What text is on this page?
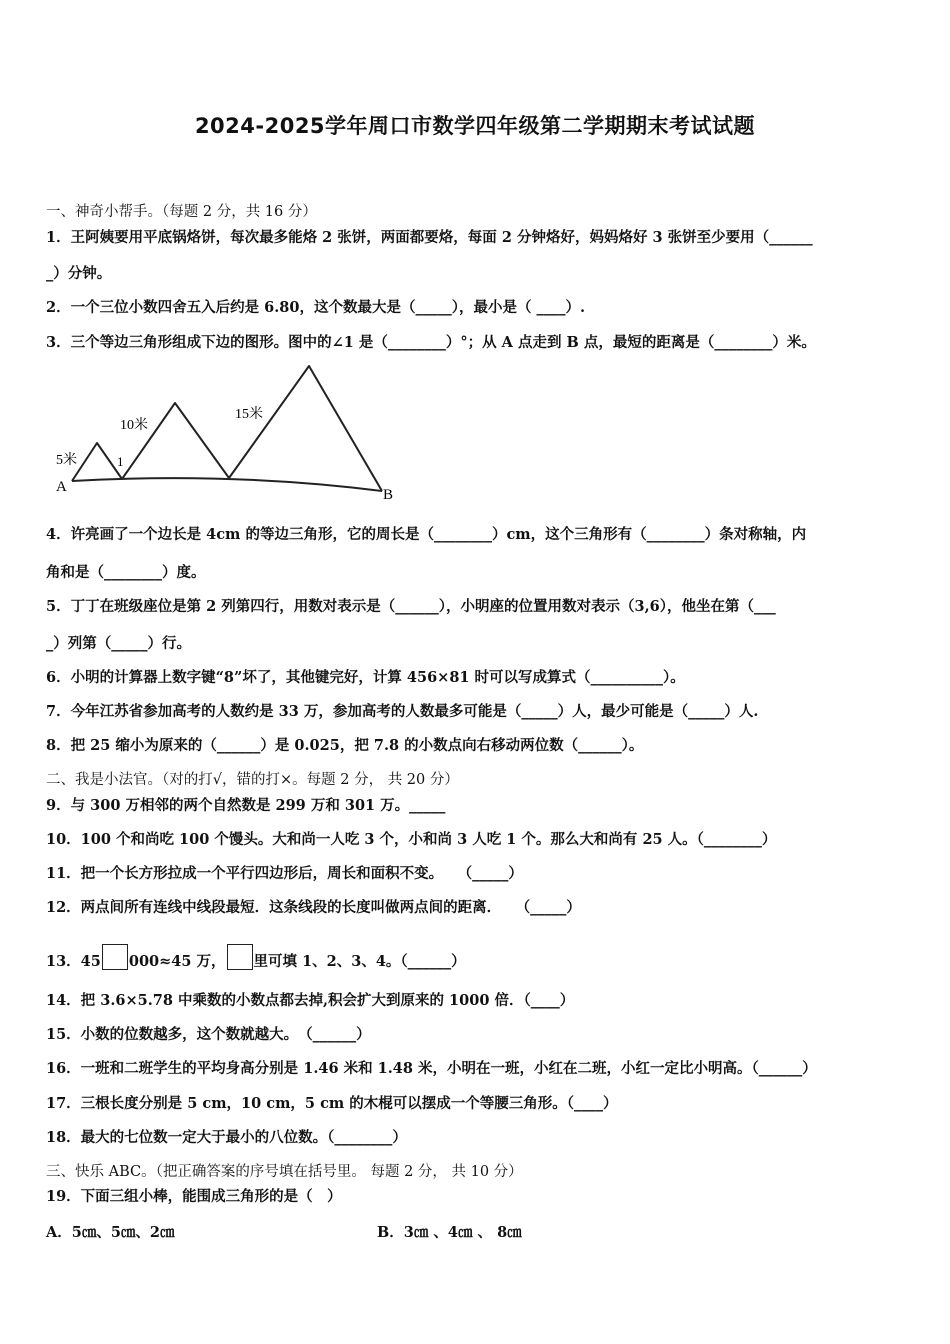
2024-2025学年周口市数学四年级第二学期期末考试试题
一、神奇小帮手。（每题 2 分，共 16 分）
1．王阿姨要用平底锅烙饼，每次最多能烙 2 张饼，两面都要烙，每面 2 分钟烙好，妈妈烙好 3 张饼至少要用（______
_）分钟。
2．一个三位小数四舍五入后约是 6.80，这个数最大是（_____），最小是（ ____）.
3．三个等边三角形组成下边的图形。图中的∠1 是（________）°；从 A 点走到 B 点，最短的距离是（________）米。
5米
10米
15米
1
A	B
4．许亮画了一个边长是 4cm 的等边三角形，它的周长是（________）cm，这个三角形有（________）条对称轴，内
角和是（________）度。
5．丁丁在班级座位是第 2 列第四行，用数对表示是（______），小明座的位置用数对表示（3,6），他坐在第（___
_）列第（_____）行。
6．小明的计算器上数字键“8”坏了，其他键完好，计算 456×81 时可以写成算式（__________）。
7．今年江苏省参加高考的人数约是 33 万，参加高考的人数最多可能是（_____）人，最少可能是（_____）人.
8．把 25 缩小为原来的（______）是 0.025，把 7.8 的小数点向右移动两位数（______）。
二、我是小法官。（对的打√，错的打×。每题 2 分， 共 20 分）
9．与 300 万相邻的两个自然数是 299 万和 301 万。_____
10．100 个和尚吃 100 个馒头。大和尚一人吃 3 个，小和尚 3 人吃 1 个。那么大和尚有 25 人。（________）
11．把一个长方形拉成一个平行四边形后，周长和面积不变。　　（_____）
12．两点间所有连线中线段最短．这条线段的长度叫做两点间的距离．　　（_____）
13．45 000≈45 万， 里可填 1、2、3、4。（______）
14．把 3.6×5.78 中乘数的小数点都去掉,积会扩大到原来的 1000 倍．（____）
15．小数的位数越多，这个数就越大。　（______）
16．一班和二班学生的平均身高分别是 1.46 米和 1.48 米，小明在一班，小红在二班，小红一定比小明高。（______）
17．三根长度分别是 5 cm，10 cm，5 cm 的木棍可以摆成一个等腰三角形。（____）
18．最大的七位数一定大于最小的八位数。（________）
三、快乐 ABC。（把正确答案的序号填在括号里。 每题 2 分， 共 10 分）
19．下面三组小棒，能围成三角形的是（　）
A．5㎝、5㎝、2㎝	B．3㎝ 、4㎝ 、 8㎝
